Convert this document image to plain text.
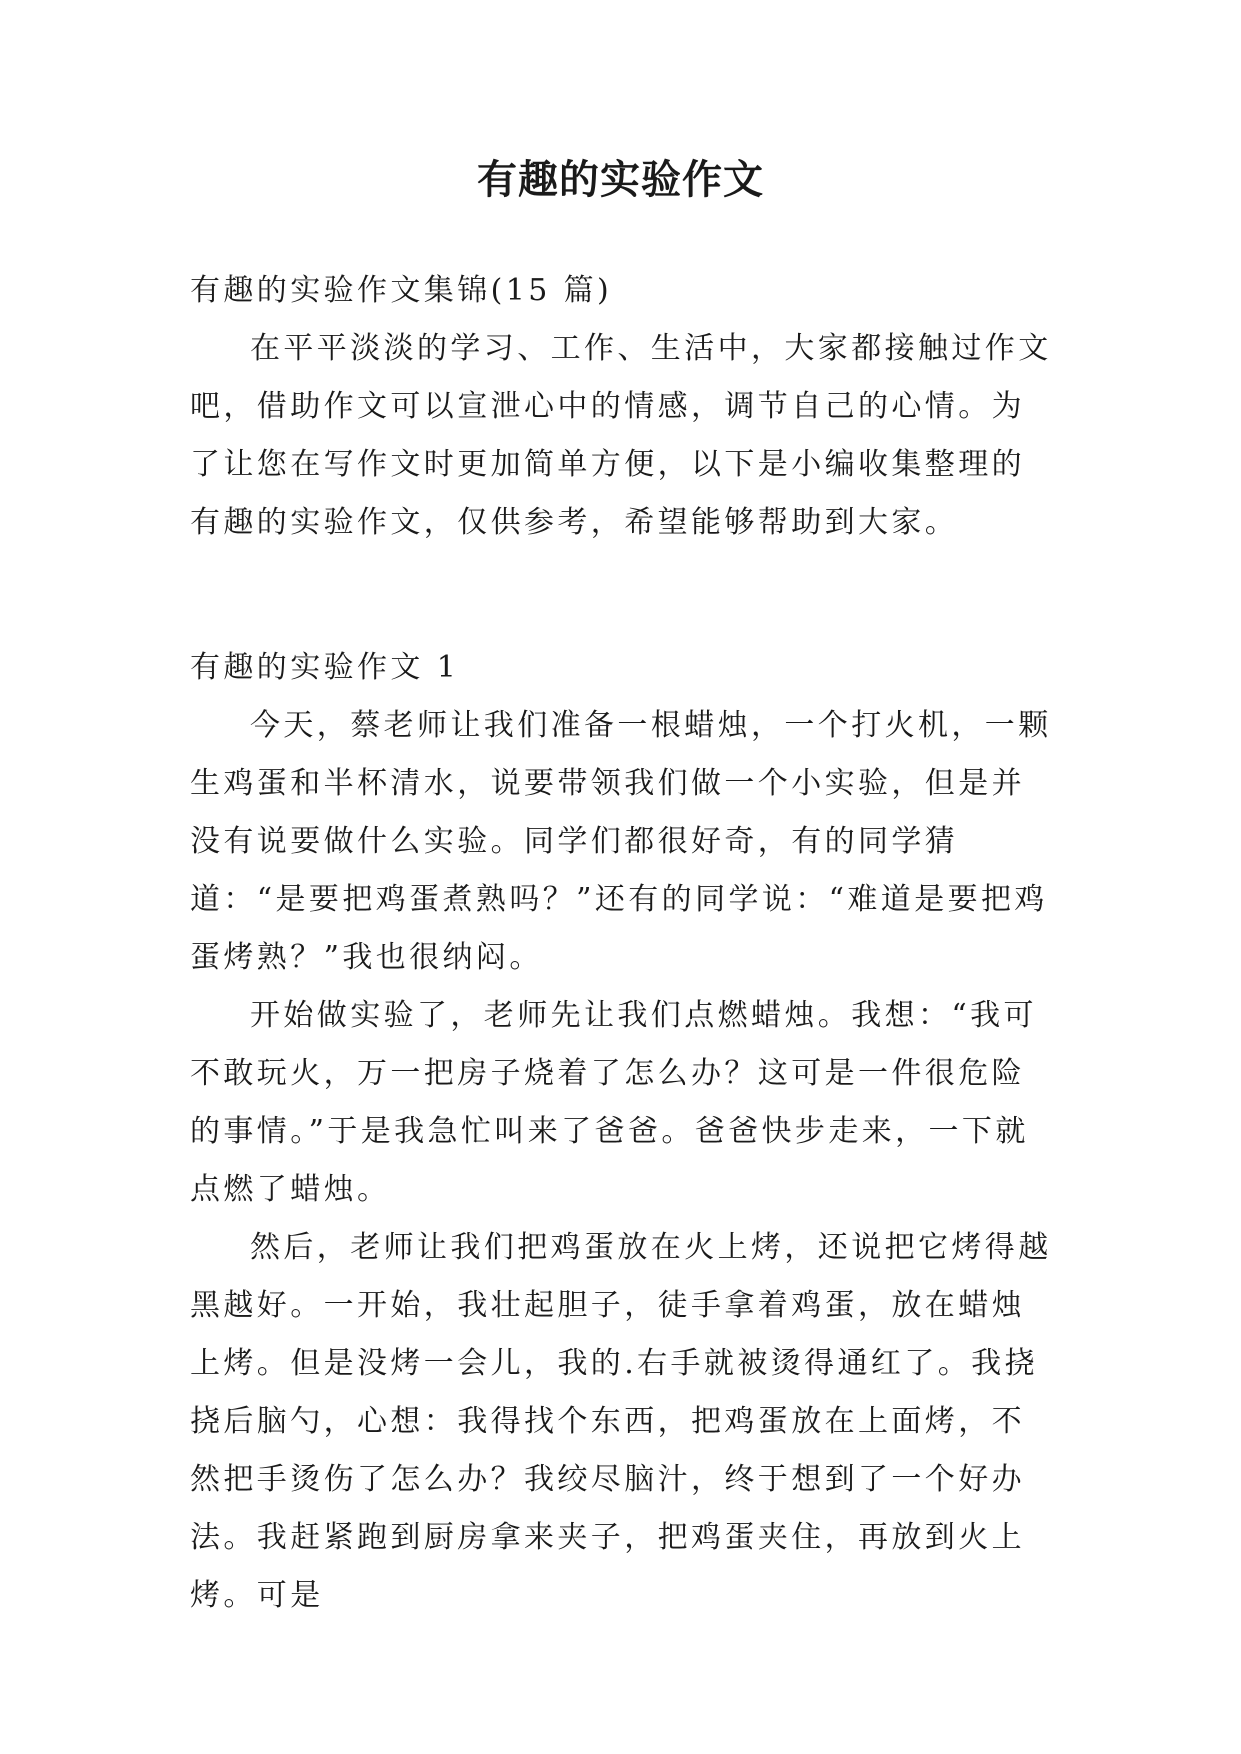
有趣的实验作文

有趣的实验作文集锦(15 篇)

在平平淡淡的学习、工作、生活中，大家都接触过作文吧，借助作文可以宣泄心中的情感，调节自己的心情。为了让您在写作文时更加简单方便，以下是小编收集整理的有趣的实验作文，仅供参考，希望能够帮助到大家。

有趣的实验作文 1

今天，蔡老师让我们准备一根蜡烛，一个打火机，一颗生鸡蛋和半杯清水，说要带领我们做一个小实验，但是并没有说要做什么实验。同学们都很好奇，有的同学猜道：“是要把鸡蛋煮熟吗？”还有的同学说：“难道是要把鸡蛋烤熟？”我也很纳闷。

开始做实验了，老师先让我们点燃蜡烛。我想：“我可不敢玩火，万一把房子烧着了怎么办？这可是一件很危险的事情。”于是我急忙叫来了爸爸。爸爸快步走来，一下就点燃了蜡烛。

然后，老师让我们把鸡蛋放在火上烤，还说把它烤得越黑越好。一开始，我壮起胆子，徒手拿着鸡蛋，放在蜡烛上烤。但是没烤一会儿，我的.右手就被烫得通红了。我挠挠后脑勺，心想：我得找个东西，把鸡蛋放在上面烤，不然把手烫伤了怎么办？我绞尽脑汁，终于想到了一个好办法。我赶紧跑到厨房拿来夹子，把鸡蛋夹住，再放到火上烤。可是
